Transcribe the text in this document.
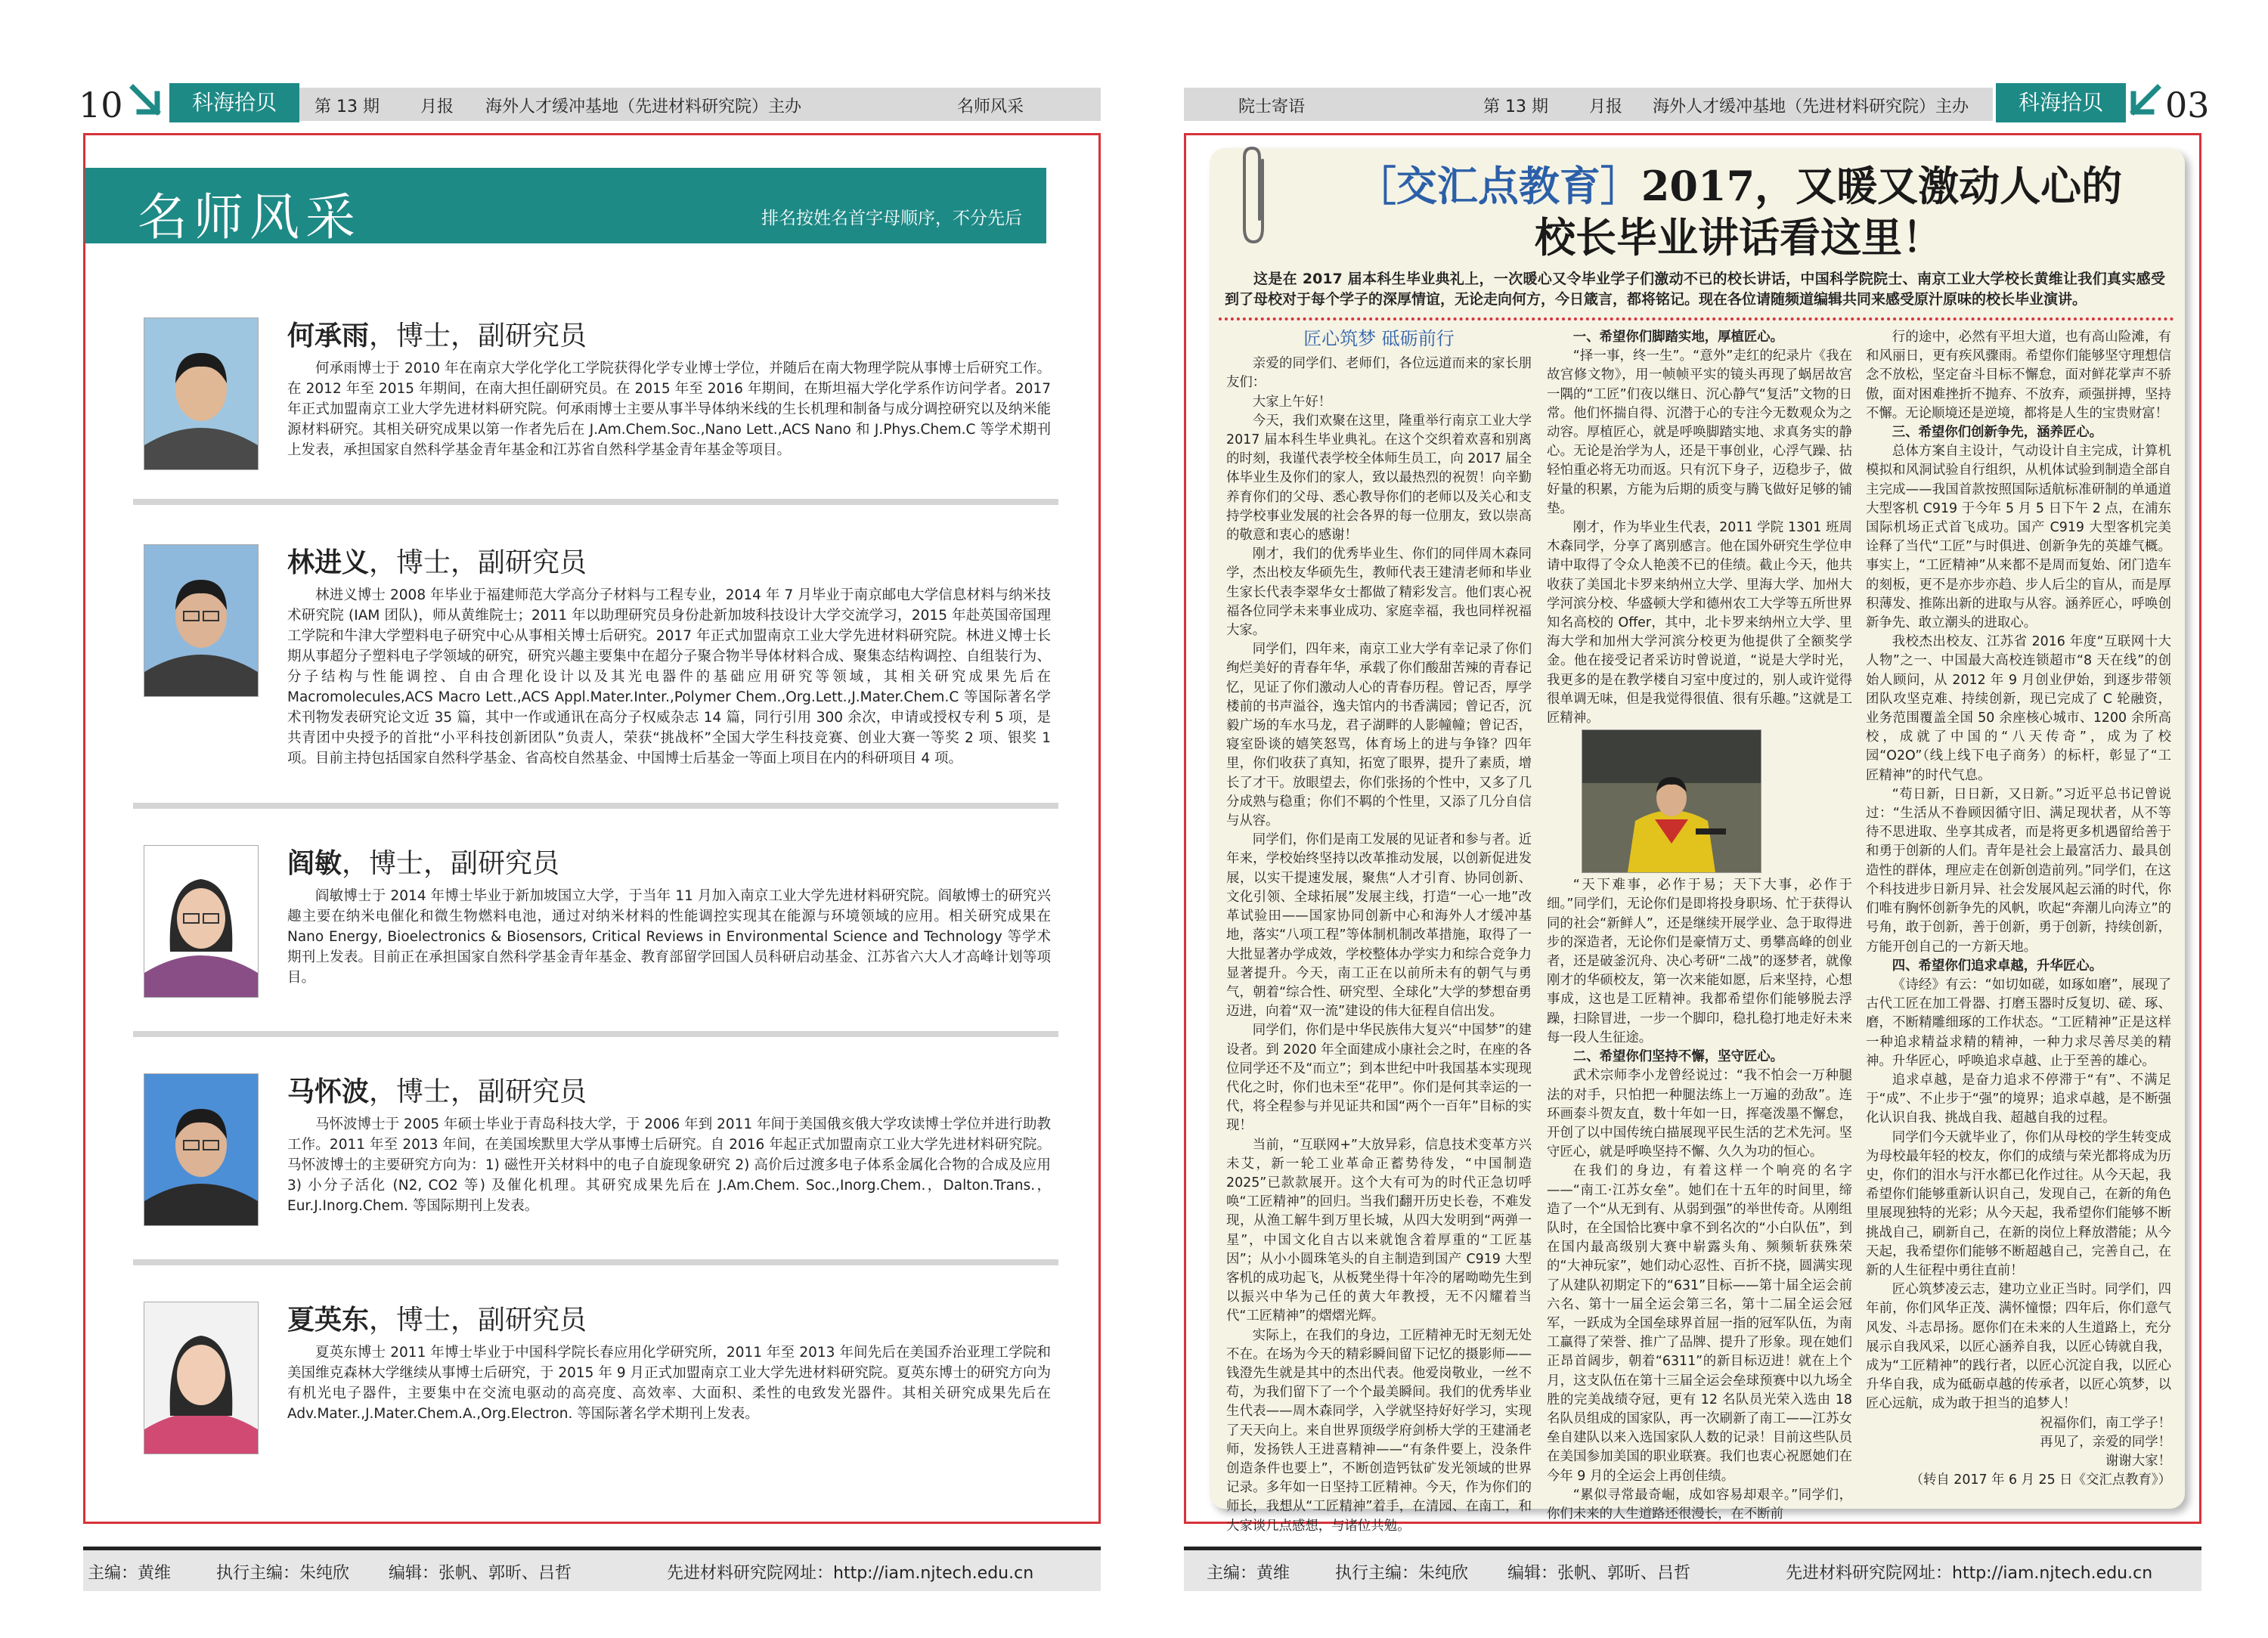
10	科海拾贝	第 13 期 月报 海外人才缓冲基地（先进材料研究院）主办	名师风采
名师风采	排名按姓名首字母顺序，不分先后
何承雨，博士，副研究员
何承雨博士于 2010 年在南京大学化学化工学院获得化学专业博士学位，并随后在南大物理学院从事博士后研究工作。在 2012 年至 2015 年期间，在南大担任副研究员。在 2015 年至 2016 年期间，在斯坦福大学化学系作访问学者。2017 年正式加盟南京工业大学先进材料研究院。何承雨博士主要从事半导体纳米线的生长机理和制备与成分调控研究以及纳米能源材料研究。其相关研究成果以第一作者先后在 J.Am.Chem.Soc.,Nano Lett.,ACS Nano 和 J.Phys.Chem.C 等学术期刊上发表，承担国家自然科学基金青年基金和江苏省自然科学基金青年基金等项目。
林进义，博士，副研究员
林进义博士 2008 年毕业于福建师范大学高分子材料与工程专业，2014 年 7 月毕业于南京邮电大学信息材料与纳米技术研究院 (IAM 团队)，师从黄维院士；2011 年以助理研究员身份赴新加坡科技设计大学交流学习，2015 年赴英国帝国理工学院和牛津大学塑料电子研究中心从事相关博士后研究。2017 年正式加盟南京工业大学先进材料研究院。林进义博士长期从事超分子塑料电子学领域的研究，研究兴趣主要集中在超分子聚合物半导体材料合成、聚集态结构调控、自组装行为、分子结构与性能调控、自由合理化设计以及其光电器件的基础应用研究等领域，其相关研究成果先后在 Macromolecules,ACS Macro Lett.,ACS Appl.Mater.Inter.,Polymer Chem.,Org.Lett.,J.Mater.Chem.C 等国际著名学术刊物发表研究论文近 35 篇，其中一作或通讯在高分子权威杂志 14 篇，同行引用 300 余次，申请或授权专利 5 项，是共青团中央授予的首批“小平科技创新团队”负责人，荣获“挑战杯”全国大学生科技竞赛、创业大赛一等奖 2 项、银奖 1 项。目前主持包括国家自然科学基金、省高校自然基金、中国博士后基金一等面上项目在内的科研项目 4 项。
阎敏，博士，副研究员
阎敏博士于 2014 年博士毕业于新加坡国立大学，于当年 11 月加入南京工业大学先进材料研究院。阎敏博士的研究兴趣主要在纳米电催化和微生物燃料电池，通过对纳米材料的性能调控实现其在能源与环境领域的应用。相关研究成果在 Nano Energy, Bioelectronics & Biosensors, Critical Reviews in Environmental Science and Technology 等学术期刊上发表。目前正在承担国家自然科学基金青年基金、教育部留学回国人员科研启动基金、江苏省六大人才高峰计划等项目。
马怀波，博士，副研究员
马怀波博士于 2005 年硕士毕业于青岛科技大学，于 2006 年到 2011 年间于美国俄亥俄大学攻读博士学位并进行助教工作。2011 年至 2013 年间，在美国埃默里大学从事博士后研究。自 2016 年起正式加盟南京工业大学先进材料研究院。马怀波博士的主要研究方向为：1) 磁性开关材料中的电子自旋现象研究 2) 高价后过渡多电子体系金属化合物的合成及应用 3) 小分子活化 (N2, CO2 等) 及催化机理。其研究成果先后在 J.Am.Chem. Soc.,Inorg.Chem.，Dalton.Trans.，Eur.J.Inorg.Chem. 等国际期刊上发表。
夏英东，博士，副研究员
夏英东博士 2011 年博士毕业于中国科学院长春应用化学研究所，2011 年至 2013 年间先后在美国乔治亚理工学院和美国维克森林大学继续从事博士后研究，于 2015 年 9 月正式加盟南京工业大学先进材料研究院。夏英东博士的研究方向为有机光电子器件，主要集中在交流电驱动的高亮度、高效率、大面积、柔性的电致发光器件。其相关研究成果先后在 Adv.Mater.,J.Mater.Chem.A.,Org.Electron. 等国际著名学术期刊上发表。
主编：黄维	执行主编：朱纯欣 编辑：张帆、郭昕、吕哲	先进材料研究院网址：http://iam.njtech.edu.cn
院士寄语	第 13 期 月报 海外人才缓冲基地（先进材料研究院）主办	科海拾贝	03
［交汇点教育］2017，又暖又激动人心的
校长毕业讲话看这里！
这是在 2017 届本科生毕业典礼上，一次暖心又令毕业学子们激动不已的校长讲话，中国科学院院士、南京工业大学校长黄维让我们真实感受到了母校对于每个学子的深厚情谊，无论走向何方，今日箴言，都将铭记。现在各位请随频道编辑共同来感受原汁原味的校长毕业演讲。
匠心筑梦 砥砺前行

亲爱的同学们、老师们，各位远道而来的家长朋友们：

大家上午好！

今天，我们欢聚在这里，隆重举行南京工业大学 2017 届本科生毕业典礼。在这个交织着欢喜和别离的时刻，我谨代表学校全体师生员工，向 2017 届全体毕业生及你们的家人，致以最热烈的祝贺！向辛勤养育你们的父母、悉心教导你们的老师以及关心和支持学校事业发展的社会各界的每一位朋友，致以崇高的敬意和衷心的感谢！

刚才，我们的优秀毕业生、你们的同伴周木森同学，杰出校友华硕先生，教师代表王建清老师和毕业生家长代表李翠华女士都做了精彩发言。他们衷心祝福各位同学未来事业成功、家庭幸福，我也同样祝福大家。

同学们，四年来，南京工业大学有幸记录了你们绚烂美好的青春年华，承载了你们酸甜苦辣的青春记忆，见证了你们激动人心的青春历程。曾记否，厚学楼前的书声溢谷，逸夫馆内的书香满园；曾记否，沉毅广场的车水马龙，君子湖畔的人影幢幢；曾记否，寝室卧谈的嬉笑怒骂，体育场上的进与争锋？四年里，你们收获了真知，拓宽了眼界，提升了素质，增长了才干。放眼望去，你们张扬的个性中，又多了几分成熟与稳重；你们不羁的个性里，又添了几分自信与从容。

同学们，你们是南工发展的见证者和参与者。近年来，学校始终坚持以改革推动发展，以创新促进发展，以实干提速发展，聚焦“人才引育、协同创新、文化引领、全球拓展”发展主线，打造“一心一地”改革试验田——国家协同创新中心和海外人才缓冲基地，落实“八项工程”等体制机制改革措施，取得了一大批显著办学成效，学校整体办学实力和综合竞争力显著提升。今天，南工正在以前所未有的朝气与勇气，朝着“综合性、研究型、全球化”大学的梦想奋勇迈进，向着“双一流”建设的伟大征程自信出发。

同学们，你们是中华民族伟大复兴“中国梦”的建设者。到 2020 年全面建成小康社会之时，在座的各位同学还不及“而立”；到本世纪中叶我国基本实现现代化之时，你们也未至“花甲”。你们是何其幸运的一代，将全程参与并见证共和国“两个一百年”目标的实现！

当前，“互联网+”大放异彩，信息技术变革方兴未艾，新一轮工业革命正蓄势待发，“中国制造 2025”已款款展开。这个大有可为的时代正急切呼唤“工匠精神”的回归。当我们翻开历史长卷，不难发现，从渔工解牛到万里长城，从四大发明到“两弹一星”，中国文化自古以来就饱含着厚重的“工匠基因”；从小小圆珠笔头的自主制造到国产 C919 大型客机的成功起飞，从板凳坐得十年冷的屠呦呦先生到以振兴中华为己任的黄大年教授，无不闪耀着当代“工匠精神”的熠熠光辉。

实际上，在我们的身边，工匠精神无时无刻无处不在。在场为今天的精彩瞬间留下记忆的摄影师——钱澄先生就是其中的杰出代表。他爱岗敬业，一丝不苟，为我们留下了一个个最美瞬间。我们的优秀毕业生代表——周木森同学，入学就坚持好好学习，实现了天天向上。来自世界顶级学府剑桥大学的王建涌老师，发扬铁人王进喜精神——“有条件要上，没条件创造条件也要上”，不断创造钙钛矿发光领域的世界记录。多年如一日坚持工匠精神。今天，作为你们的师长，我想从“工匠精神”着手，在清园、在南工，和大家谈几点感想，与诸位共勉。

一、希望你们脚踏实地，厚植匠心。

“择一事，终一生”。“意外”走红的纪录片《我在故宫修文物》，用一帧帧平实的镜头再现了蜗居故宫一隅的“工匠”们夜以继日、沉心静气“复活”文物的日常。他们怀揣自得、沉潜于心的专注今无数观众为之动容。厚植匠心，就是呼唤脚踏实地、求真务实的静心。无论是治学为人，还是干事创业，心浮气躁、拈轻怕重必将无功而返。只有沉下身子，迈稳步子，做好量的积累，方能为后期的质变与腾飞做好足够的铺垫。

刚才，作为毕业生代表，2011 学院 1301 班周木森同学，分享了离别感言。他在国外研究生学位申请中取得了令众人艳羡不已的佳绩。截止今天，他共收获了美国北卡罗来纳州立大学、里海大学、加州大学河滨分校、华盛顿大学和德州农工大学等五所世界知名高校的 Offer，其中，北卡罗来纳州立大学、里海大学和加州大学河滨分校更为他提供了全额奖学金。他在接受记者采访时曾说道，“说是大学时光，我更多的是在教学楼自习室中度过的，别人或许觉得很单调无味，但是我觉得很值、很有乐趣。”这就是工匠精神。

“天下难事，必作于易；天下大事，必作于细。”同学们，无论你们是即将投身职场、忙于获得认同的社会“新鲜人”，还是继续开展学业、急于取得进步的深造者，无论你们是豪情万丈、勇攀高峰的创业者，还是破釜沉舟、决心考研“二战”的逐梦者，就像刚才的华硕校友，第一次来能如愿，后来坚持，心想事成，这也是工匠精神。我都希望你们能够脱去浮躁，扫除冒进，一步一个脚印，稳扎稳打地走好未来每一段人生征途。

二、希望你们坚持不懈，坚守匠心。

武术宗师李小龙曾经说过：“我不怕会一万种腿法的对手，只怕把一种腿法练上一万遍的劲敌”。连环画泰斗贺友直，数十年如一日，挥毫泼墨不懈怠，开创了以中国传统白描展现平民生活的艺术先河。坚守匠心，就是呼唤坚持不懈、久久为功的恒心。

在我们的身边，有着这样一个响亮的名字——“南工·江苏女垒”。她们在十五年的时间里，缔造了一个“从无到有、从弱到强”的举世传奇。从刚组队时，在全国恰比赛中拿不到名次的“小白队伍”，到在国内最高级别大赛中崭露头角、频频斩获殊荣的“大神玩家”，她们动心忍性、百折不挠，圆满实现了从建队初期定下的“631”目标——第十届全运会前六名、第十一届全运会第三名，第十二届全运会冠军，一跃成为全国垒球界首屈一指的冠军队伍，为南工赢得了荣誉、推广了品牌、提升了形象。现在她们正昂首阔步，朝着“6311”的新目标迈进！就在上个月，这支队伍在第十三届全运会垒球预赛中以九场全胜的完美战绩夺冠，更有 12 名队员光荣入选由 18 名队员组成的国家队，再一次刷新了南工——江苏女垒自建队以来入选国家队人数的记录！目前这些队员在美国参加美国的职业联赛。我们也衷心祝愿她们在今年 9 月的全运会上再创佳绩。

“累似寻常最奇崛，成如容易却艰辛。”同学们，你们未来的人生道路还很漫长，在不断前

行的途中，必然有平坦大道，也有高山险滩，有和风丽日，更有疾风骤雨。希望你们能够坚守理想信念不放松，坚定奋斗目标不懈怠，面对鲜花掌声不骄傲，面对困难挫折不抛弃、不放弃，顽强拼搏，坚持不懈。无论顺境还是逆境，都将是人生的宝贵财富！

三、希望你们创新争先，涵养匠心。

总体方案自主设计，气动设计自主完成，计算机模拟和风洞试验自行组织，从机体试验到制造全部自主完成——我国首款按照国际适航标准研制的单通道大型客机 C919 于今年 5 月 5 日下午 2 点，在浦东国际机场正式首飞成功。国产 C919 大型客机完美诠释了当代“工匠”与时俱进、创新争先的英雄气概。事实上，“工匠精神”从来都不是周而复始、闭门造车的刻板，更不是亦步亦趋、步人后尘的盲从，而是厚积薄发、推陈出新的进取与从容。涵养匠心，呼唤创新争先、敢立潮头的进取心。

我校杰出校友、江苏省 2016 年度“互联网十大人物”之一、中国最大高校连锁超市“8 天在线”的创始人顾问，从 2012 年 9 月创业伊始，到逐步带领团队攻坚克难、持续创新，现已完成了 C 轮融资，业务范围覆盖全国 50 余座核心城市、1200 余所高校，成就了中国的“八天传奇”，成为了校园“O2O”（线上线下电子商务）的标杆，彰显了“工匠精神”的时代气息。

“苟日新，日日新，又日新。”习近平总书记曾说过：“生活从不眷顾因循守旧、满足现状者，从不等待不思进取、坐享其成者，而是将更多机遇留给善于和勇于创新的人们。青年是社会上最富活力、最具创造性的群体，理应走在创新创造前列。”同学们，在这个科技进步日新月异、社会发展风起云涌的时代，你们唯有胸怀创新争先的风帆，吹起“奔潮儿向涛立”的号角，敢于创新，善于创新，勇于创新，持续创新，方能开创自己的一方新天地。

四、希望你们追求卓越，升华匠心。

《诗经》有云：“如切如磋，如琢如磨”，展现了古代工匠在加工骨器、打磨玉器时反复切、磋、琢、磨，不断精雕细琢的工作状态。“工匠精神”正是这样一种追求精益求精的精神，一种力求尽善尽美的精神。升华匠心，呼唤追求卓越、止于至善的雄心。

追求卓越，是奋力追求不停滞于“有”、不满足于“成”、不止步于“强”的境界；追求卓越，是不断强化认识自我、挑战自我、超越自我的过程。

同学们今天就毕业了，你们从母校的学生转变成为母校最年轻的校友，你们的成绩与荣光都将成为历史，你们的泪水与汗水都已化作过往。从今天起，我希望你们能够重新认识自己，发现自己，在新的角色里展现独特的光彩；从今天起，我希望你们能够不断挑战自己，刷新自己，在新的岗位上释放潜能；从今天起，我希望你们能够不断超越自己，完善自己，在新的人生征程中勇往直前！

匠心筑梦凌云志，建功立业正当时。同学们，四年前，你们风华正茂、满怀憧憬；四年后，你们意气风发、斗志昂扬。愿你们在未来的人生道路上，充分展示自我风采，以匠心涵养自我，以匠心铸就自我，成为“工匠精神”的践行者，以匠心沉淀自我，以匠心升华自我，成为砥砺卓越的传承者，以匠心筑梦，以匠心远航，成为敢于担当的追梦人！

祝福你们，南工学子！

再见了，亲爱的同学！

谢谢大家！

（转自 2017 年 6 月 25 日《交汇点教育》）

主编：黄维	执行主编：朱纯欣 编辑：张帆、郭昕、吕哲	先进材料研究院网址：http://iam.njtech.edu.cn
